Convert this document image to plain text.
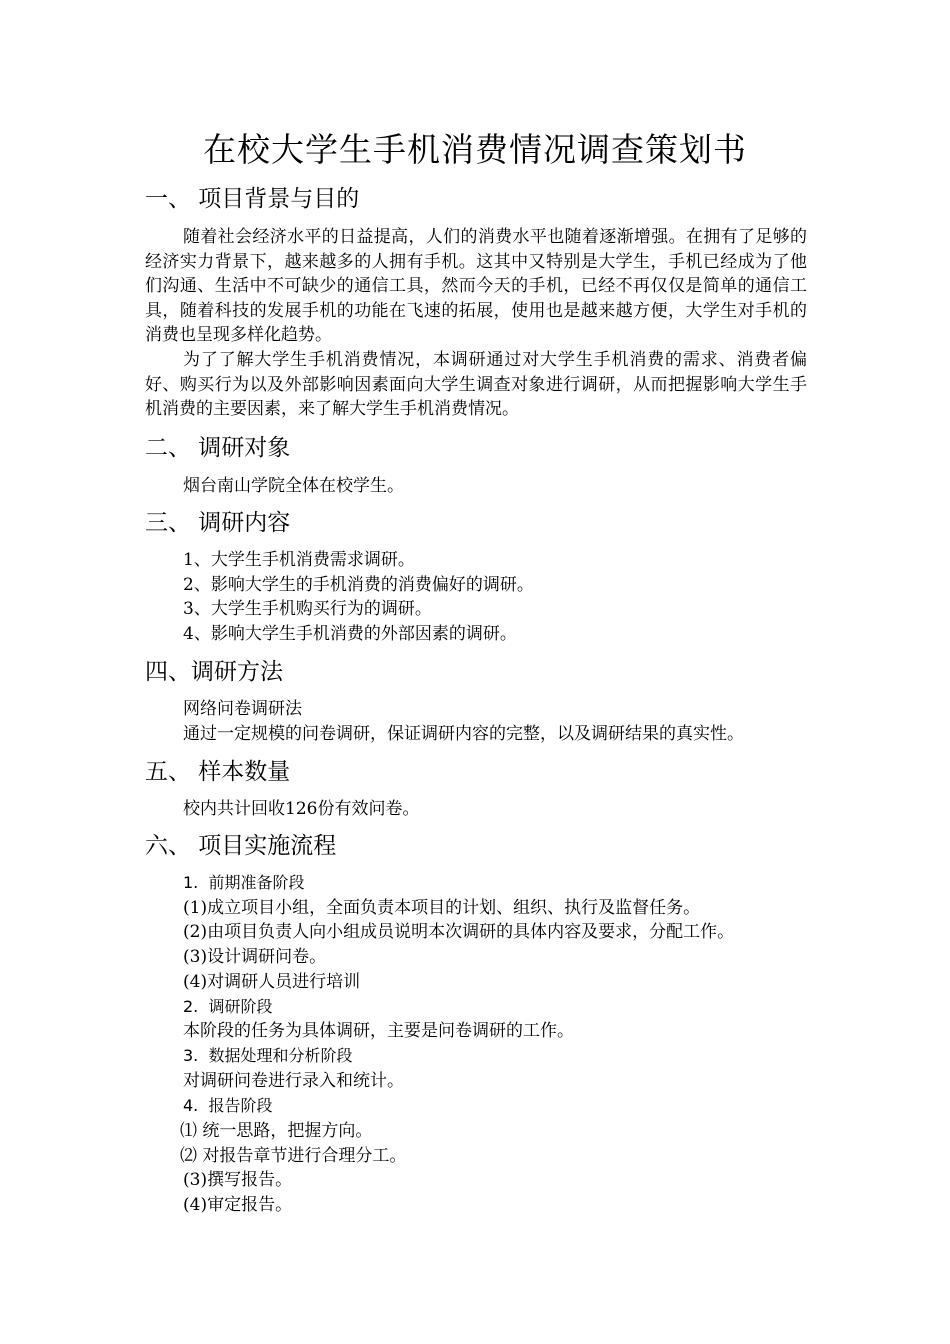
在校大学生手机消费情况调查策划书
一、 项目背景与目的
随着社会经济水平的日益提高，人们的消费水平也随着逐渐增强。在拥有了足够的经济实力背景下，越来越多的人拥有手机。这其中又特别是大学生，手机已经成为了他们沟通、生活中不可缺少的通信工具，然而今天的手机，已经不再仅仅是简单的通信工具，随着科技的发展手机的功能在飞速的拓展，使用也是越来越方便，大学生对手机的消费也呈现多样化趋势。
为了了解大学生手机消费情况，本调研通过对大学生手机消费的需求、消费者偏好、购买行为以及外部影响因素面向大学生调查对象进行调研，从而把握影响大学生手机消费的主要因素，来了解大学生手机消费情况。
二、 调研对象
烟台南山学院全体在校学生。
三、 调研内容
1、大学生手机消费需求调研。
2、影响大学生的手机消费的消费偏好的调研。
3、大学生手机购买行为的调研。
4、影响大学生手机消费的外部因素的调研。
四、调研方法
网络问卷调研法
通过一定规模的问卷调研，保证调研内容的完整，以及调研结果的真实性。
五、 样本数量
校内共计回收126份有效问卷。
六、 项目实施流程
1.  前期准备阶段
(1)成立项目小组，全面负责本项目的计划、组织、执行及监督任务。
(2)由项目负责人向小组成员说明本次调研的具体内容及要求，分配工作。
(3)设计调研问卷。
(4)对调研人员进行培训
2.  调研阶段
本阶段的任务为具体调研，主要是问卷调研的工作。
3.  数据处理和分析阶段
对调研问卷进行录入和统计。
4.  报告阶段
⑴ 统一思路，把握方向。
⑵ 对报告章节进行合理分工。
(3)撰写报告。
(4)审定报告。
